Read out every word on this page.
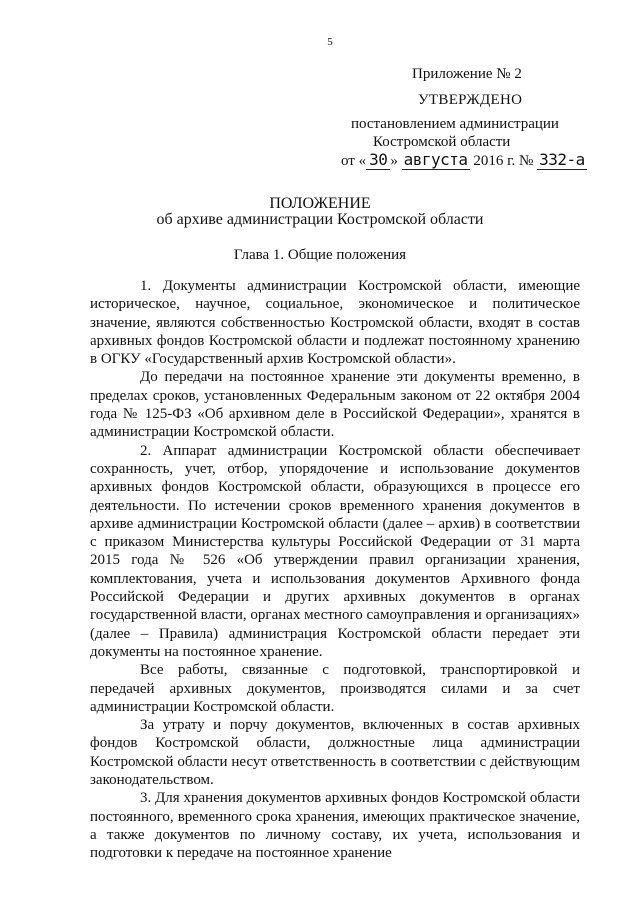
5
Приложение № 2
УТВЕРЖДЕНО
постановлением администрации
Костромской области
от « 30 » августа 2016 г. № 332-а
ПОЛОЖЕНИЕ
об архиве администрации Костромской области
Глава 1. Общие положения

1. Документы администрации Костромской области, имеющие историческое, научное, социальное, экономическое и политическое значение, являются собственностью Костромской области, входят в состав архивных фондов Костромской области и подлежат постоянному хранению в ОГКУ «Государственный архив Костромской области».

До передачи на постоянное хранение эти документы временно, в пределах сроков, установленных Федеральным законом от 22 октября 2004 года № 125-ФЗ «Об архивном деле в Российской Федерации», хранятся в администрации Костромской области.

2. Аппарат администрации Костромской области обеспечивает сохранность, учет, отбор, упорядочение и использование документов архивных фондов Костромской области, образующихся в процессе его деятельности. По истечении сроков временного хранения документов в архиве администрации Костромской области (далее – архив) в соответствии с приказом Министерства культуры Российской Федерации от 31 марта 2015 года № 526 «Об утверждении правил организации хранения, комплектования, учета и использования документов Архивного фонда Российской Федерации и других архивных документов в органах государственной власти, органах местного самоуправления и организациях» (далее – Правила) администрация Костромской области передает эти документы на постоянное хранение.

Все работы, связанные с подготовкой, транспортировкой и передачей архивных документов, производятся силами и за счет администрации Костромской области.

За утрату и порчу документов, включенных в состав архивных фондов Костромской области, должностные лица администрации Костромской области несут ответственность в соответствии с действующим законодательством.

3. Для хранения документов архивных фондов Костромской области постоянного, временного срока хранения, имеющих практическое значение, а также документов по личному составу, их учета, использования и подготовки к передаче на постоянное хранение
